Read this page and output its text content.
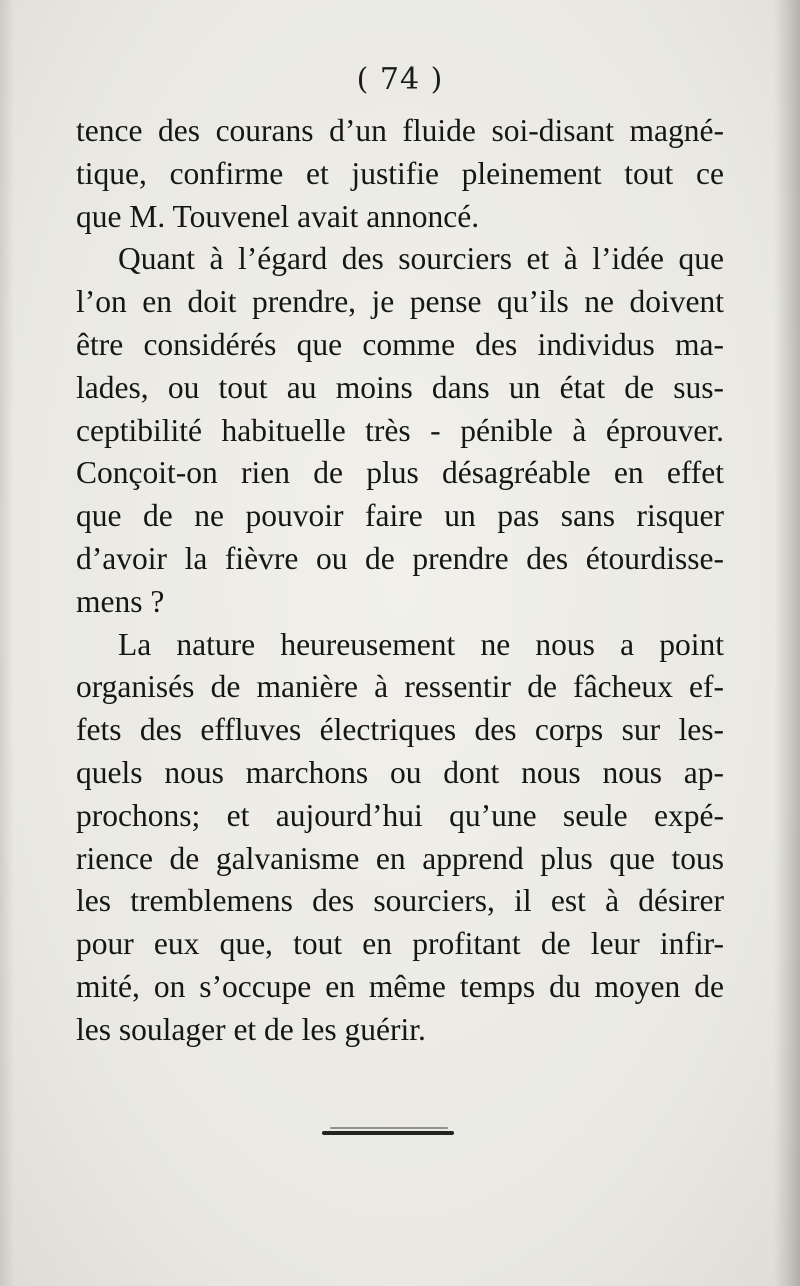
( 74 )
tence des courans d’un fluide soi-disant magné-
tique, confirme et justifie pleinement tout ce
que M. Touvenel avait annoncé.
Quant à l’égard des sourciers et à l’idée que
l’on en doit prendre, je pense qu’ils ne doivent
être considérés que comme des individus ma-
lades, ou tout au moins dans un état de sus-
ceptibilité habituelle très - pénible à éprouver.
Conçoit-on rien de plus désagréable en effet
que de ne pouvoir faire un pas sans risquer
d’avoir la fièvre ou de prendre des étourdisse-
mens ?
La nature heureusement ne nous a point
organisés de manière à ressentir de fâcheux ef-
fets des effluves électriques des corps sur les-
quels nous marchons ou dont nous nous ap-
prochons; et aujourd’hui qu’une seule expé-
rience de galvanisme en apprend plus que tous
les tremblemens des sourciers, il est à désirer
pour eux que, tout en profitant de leur infir-
mité, on s’occupe en même temps du moyen de
les soulager et de les guérir.
